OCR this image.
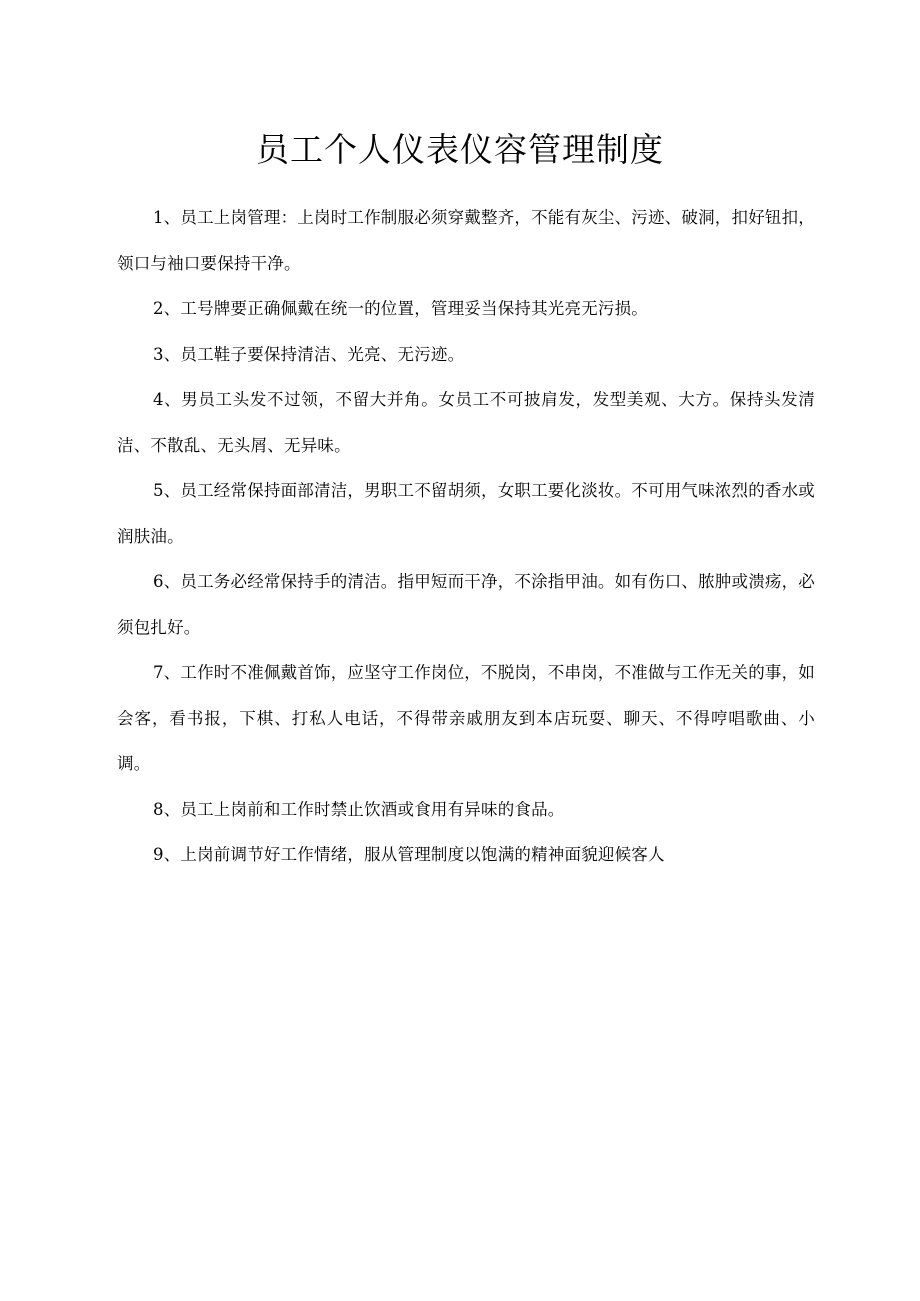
员工个人仪表仪容管理制度

1、员工上岗管理：上岗时工作制服必须穿戴整齐，不能有灰尘、污迹、破洞，扣好钮扣，领口与袖口要保持干净。

2、工号牌要正确佩戴在统一的位置，管理妥当保持其光亮无污损。

3、员工鞋子要保持清洁、光亮、无污迹。

4、男员工头发不过领，不留大并角。女员工不可披肩发，发型美观、大方。保持头发清洁、不散乱、无头屑、无异味。

5、员工经常保持面部清洁，男职工不留胡须，女职工要化淡妆。不可用气味浓烈的香水或润肤油。

6、员工务必经常保持手的清洁。指甲短而干净，不涂指甲油。如有伤口、脓肿或溃疡，必须包扎好。

7、工作时不准佩戴首饰，应坚守工作岗位，不脱岗，不串岗，不准做与工作无关的事，如会客，看书报，下棋、打私人电话，不得带亲戚朋友到本店玩耍、聊天、不得哼唱歌曲、小调。

8、员工上岗前和工作时禁止饮酒或食用有异味的食品。

9、上岗前调节好工作情绪，服从管理制度以饱满的精神面貌迎候客人
